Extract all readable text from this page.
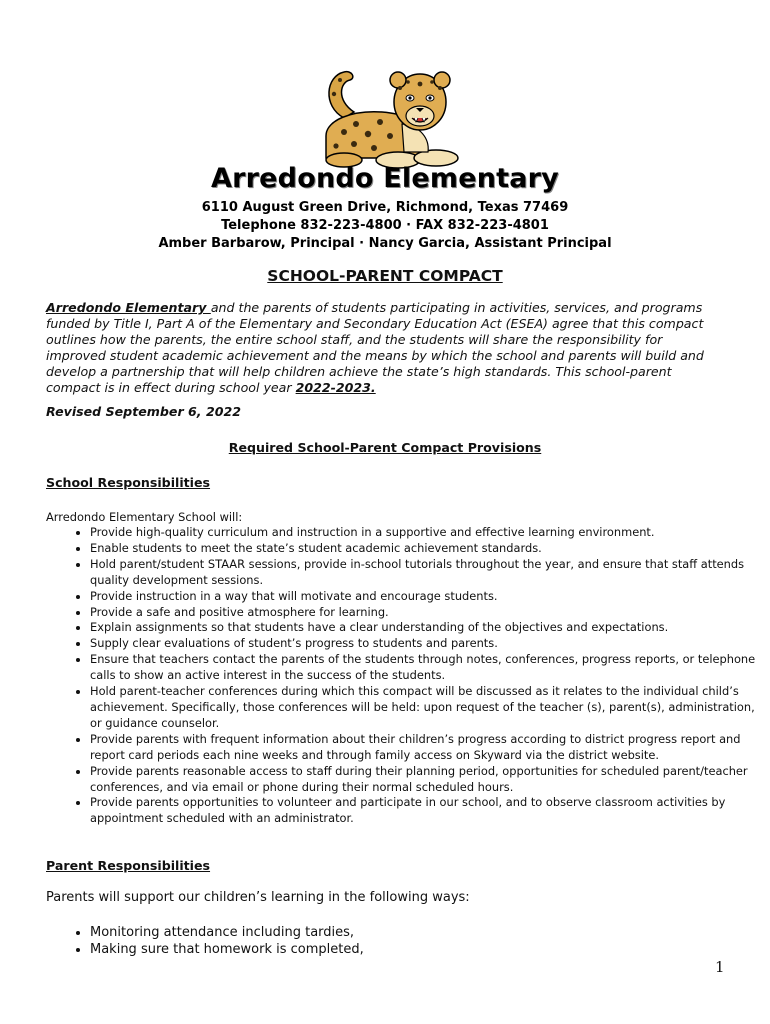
Arredondo Elementary
6110 August Green Drive, Richmond, Texas 77469
Telephone 832-223-4800 · FAX 832-223-4801
Amber Barbarow, Principal · Nancy Garcia, Assistant Principal
SCHOOL-PARENT COMPACT

Arredondo Elementary and the parents of students participating in activities, services, and programs funded by Title I, Part A of the Elementary and Secondary Education Act (ESEA) agree that this compact outlines how the parents, the entire school staff, and the students will share the responsibility for improved student academic achievement and the means by which the school and parents will build and develop a partnership that will help children achieve the state’s high standards. This school-parent compact is in effect during school year 2022-2023.

Revised September 6, 2022
Required School-Parent Compact Provisions
School Responsibilities
Arredondo Elementary School will:
• Provide high-quality curriculum and instruction in a supportive and effective learning environment.
• Enable students to meet the state’s student academic achievement standards.
• Hold parent/student STAAR sessions, provide in-school tutorials throughout the year, and ensure that staff attends quality development sessions.
• Provide instruction in a way that will motivate and encourage students.
• Provide a safe and positive atmosphere for learning.
• Explain assignments so that students have a clear understanding of the objectives and expectations.
• Supply clear evaluations of student’s progress to students and parents.
• Ensure that teachers contact the parents of the students through notes, conferences, progress reports, or telephone calls to show an active interest in the success of the students.
• Hold parent-teacher conferences during which this compact will be discussed as it relates to the individual child’s achievement. Specifically, those conferences will be held: upon request of the teacher (s), parent(s), administration, or guidance counselor.
• Provide parents with frequent information about their children’s progress according to district progress report and report card periods each nine weeks and through family access on Skyward via the district website.
• Provide parents reasonable access to staff during their planning period, opportunities for scheduled parent/teacher conferences, and via email or phone during their normal scheduled hours.
• Provide parents opportunities to volunteer and participate in our school, and to observe classroom activities by appointment scheduled with an administrator.
Parent Responsibilities
Parents will support our children’s learning in the following ways:
• Monitoring attendance including tardies,
• Making sure that homework is completed,
1
